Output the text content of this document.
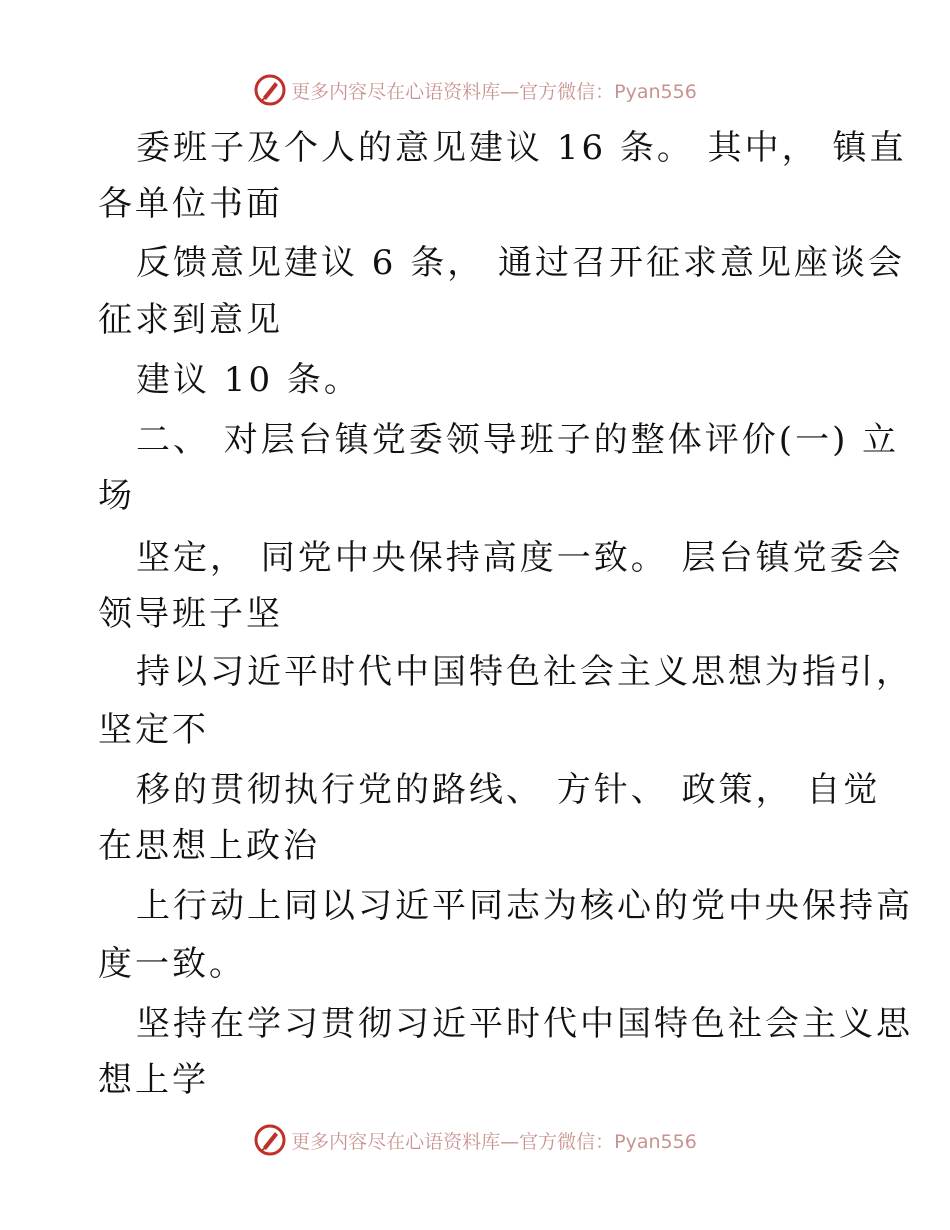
更多内容尽在心语资料库—官方微信：Pyan556
委班子及个人的意见建议 16 条。 其中， 镇直
各单位书面
反馈意见建议 6 条， 通过召开征求意见座谈会
征求到意见
建议 10 条。
二、 对层台镇党委领导班子的整体评价(一) 立
场
坚定， 同党中央保持高度一致。 层台镇党委会
领导班子坚
持以习近平时代中国特色社会主义思想为指引，
坚定不
移的贯彻执行党的路线、 方针、 政策， 自觉
在思想上政治
上行动上同以习近平同志为核心的党中央保持高
度一致。
坚持在学习贯彻习近平时代中国特色社会主义思
想上学
更多内容尽在心语资料库—官方微信：Pyan556
